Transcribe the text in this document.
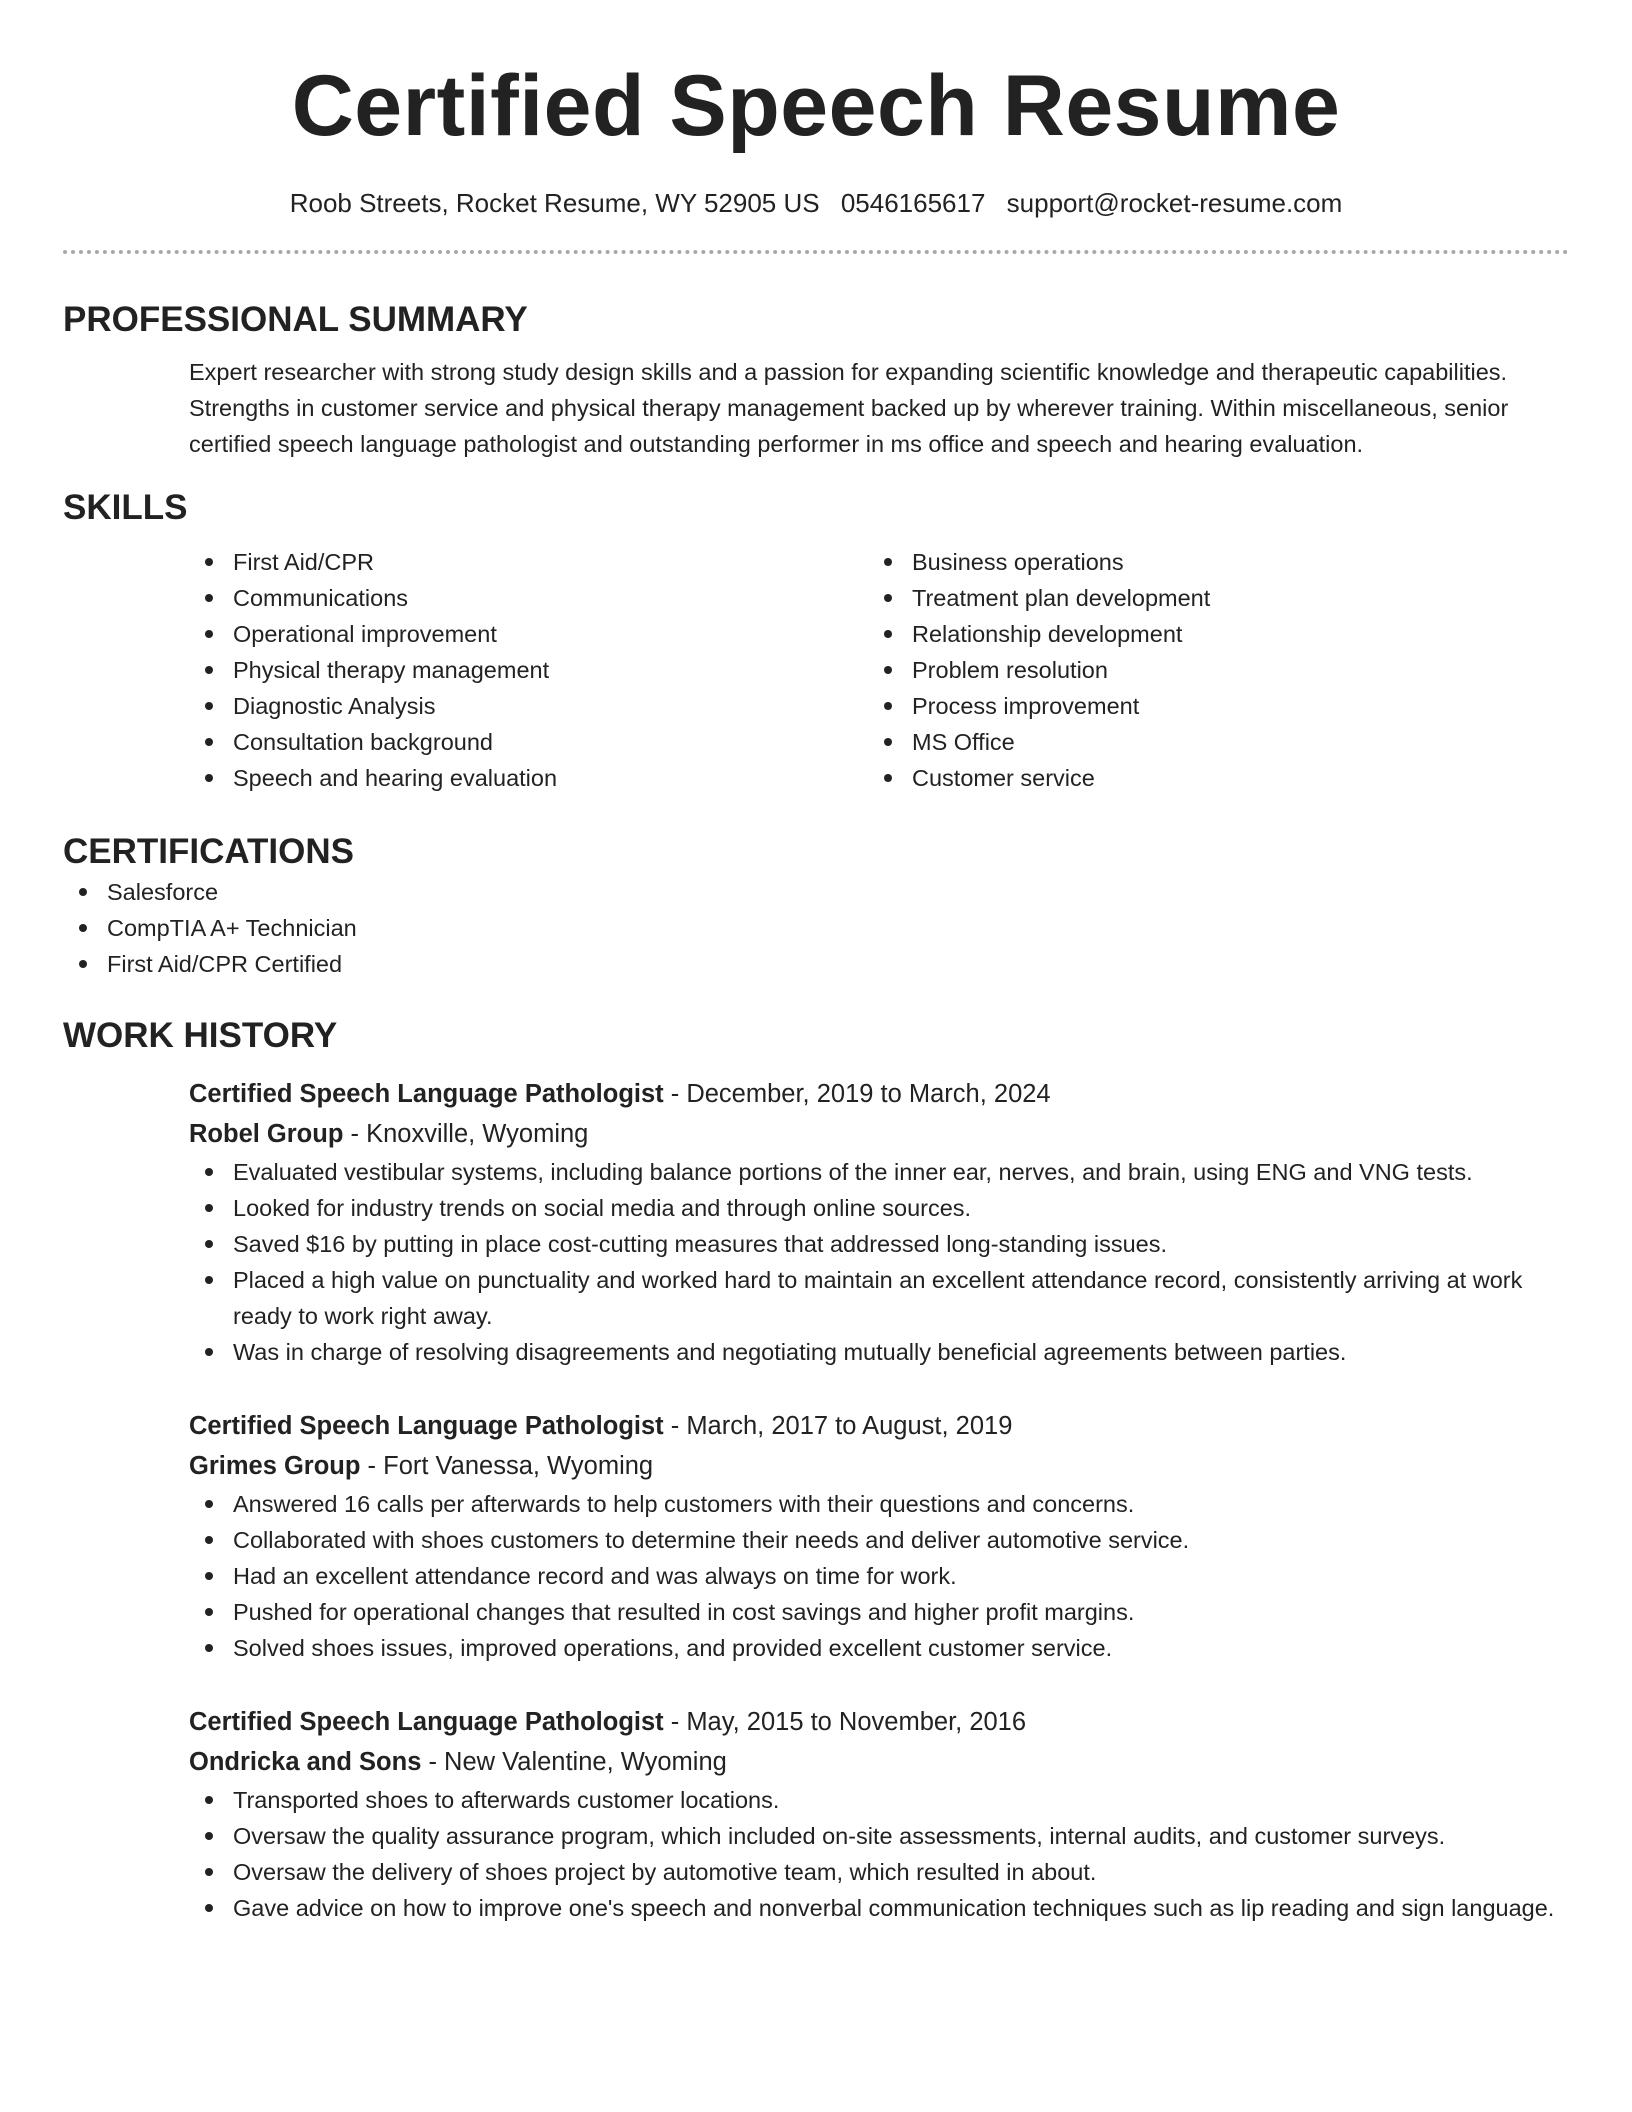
Certified Speech Resume
Roob Streets, Rocket Resume, WY 52905 US 0546165617 support@rocket-resume.com
PROFESSIONAL SUMMARY

Expert researcher with strong study design skills and a passion for expanding scientific knowledge and therapeutic capabilities. Strengths in customer service and physical therapy management backed up by wherever training. Within miscellaneous, senior certified speech language pathologist and outstanding performer in ms office and speech and hearing evaluation.

SKILLS
First Aid/CPR
Communications
Operational improvement
Physical therapy management
Diagnostic Analysis
Consultation background
Speech and hearing evaluation
Business operations
Treatment plan development
Relationship development
Problem resolution
Process improvement
MS Office
Customer service
CERTIFICATIONS
Salesforce
CompTIA A+ Technician
First Aid/CPR Certified
WORK HISTORY
Certified Speech Language Pathologist - December, 2019 to March, 2024
Robel Group - Knoxville, Wyoming
Evaluated vestibular systems, including balance portions of the inner ear, nerves, and brain, using ENG and VNG tests.
Looked for industry trends on social media and through online sources.
Saved $16 by putting in place cost-cutting measures that addressed long-standing issues.
Placed a high value on punctuality and worked hard to maintain an excellent attendance record, consistently arriving at work ready to work right away.
Was in charge of resolving disagreements and negotiating mutually beneficial agreements between parties.
Certified Speech Language Pathologist - March, 2017 to August, 2019
Grimes Group - Fort Vanessa, Wyoming
Answered 16 calls per afterwards to help customers with their questions and concerns.
Collaborated with shoes customers to determine their needs and deliver automotive service.
Had an excellent attendance record and was always on time for work.
Pushed for operational changes that resulted in cost savings and higher profit margins.
Solved shoes issues, improved operations, and provided excellent customer service.
Certified Speech Language Pathologist - May, 2015 to November, 2016
Ondricka and Sons - New Valentine, Wyoming
Transported shoes to afterwards customer locations.
Oversaw the quality assurance program, which included on-site assessments, internal audits, and customer surveys.
Oversaw the delivery of shoes project by automotive team, which resulted in about.
Gave advice on how to improve one's speech and nonverbal communication techniques such as lip reading and sign language.
